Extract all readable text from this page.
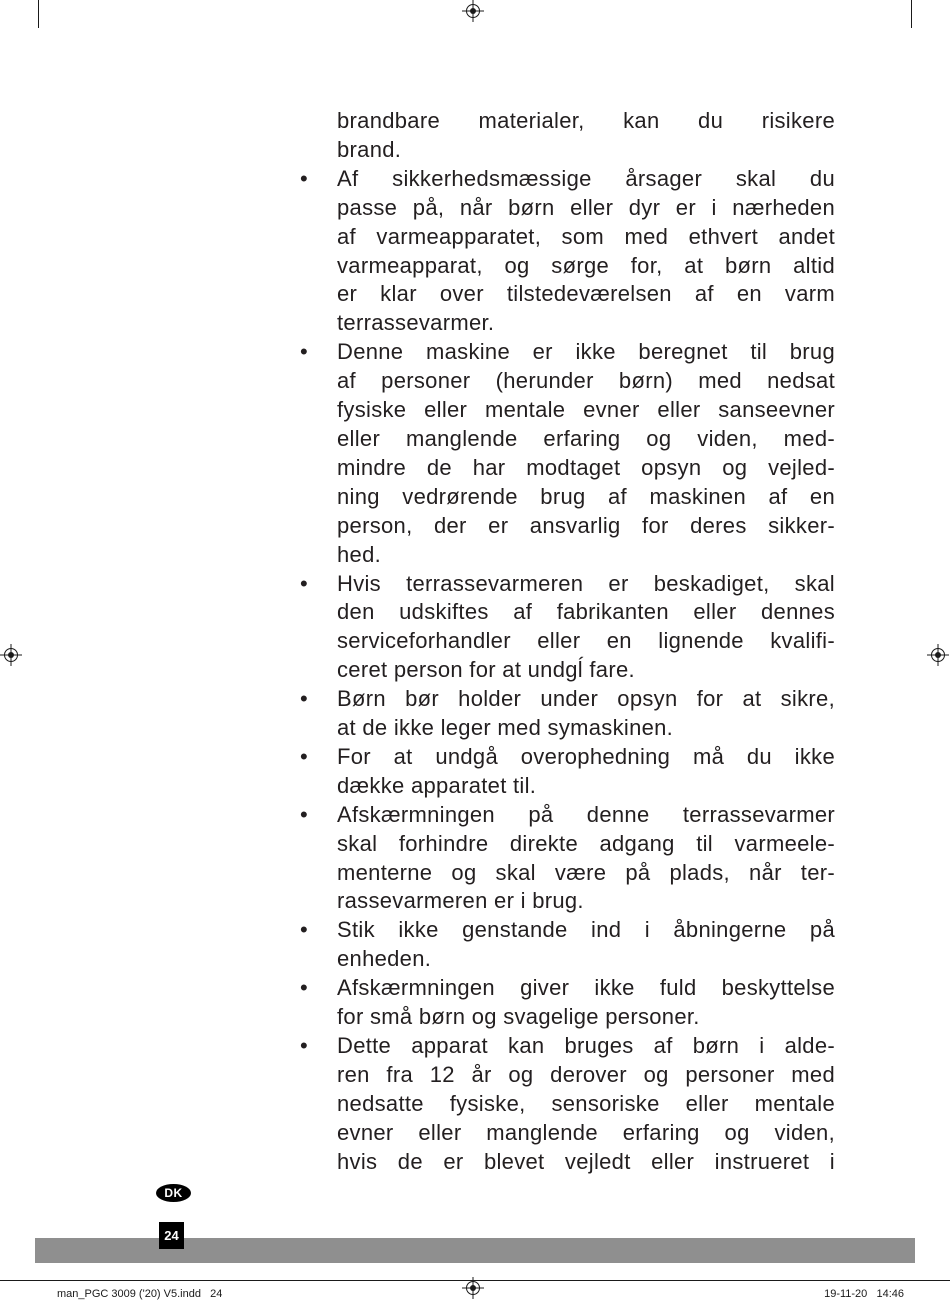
brandbare materialer, kan du risikere
brand.
• Af sikkerhedsmæssige årsager skal du
passe på, når børn eller dyr er i nærheden
af varmeapparatet, som med ethvert andet
varmeapparat, og sørge for, at børn altid
er klar over tilstedeværelsen af en varm
terrassevarmer.
• Denne maskine er ikke beregnet til brug
af personer (herunder børn) med nedsat
fysiske eller mentale evner eller sanseevner
eller manglende erfaring og viden, med-
mindre de har modtaget opsyn og vejled-
ning vedrørende brug af maskinen af en
person, der er ansvarlig for deres sikker-
hed.
• Hvis terrassevarmeren er beskadiget, skal
den udskiftes af fabrikanten eller dennes
serviceforhandler eller en lignende kvalifi-
ceret person for at undgĺ fare.
• Børn bør holder under opsyn for at sikre,
at de ikke leger med symaskinen.
• For at undgå overophedning må du ikke
dække apparatet til.
• Afskærmningen på denne terrassevarmer
skal forhindre direkte adgang til varmeele-
menterne og skal være på plads, når ter-
rassevarmeren er i brug.
• Stik ikke genstande ind i åbningerne på
enheden.
• Afskærmningen giver ikke fuld beskyttelse
for små børn og svagelige personer.
• Dette apparat kan bruges af børn i alde-
ren fra 12 år og derover og personer med
nedsatte fysiske, sensoriske eller mentale
evner eller manglende erfaring og viden,
hvis de er blevet vejledt eller instrueret i
DK
24
man_PGC 3009 ('20) V5.indd   24	19-11-20   14:46
